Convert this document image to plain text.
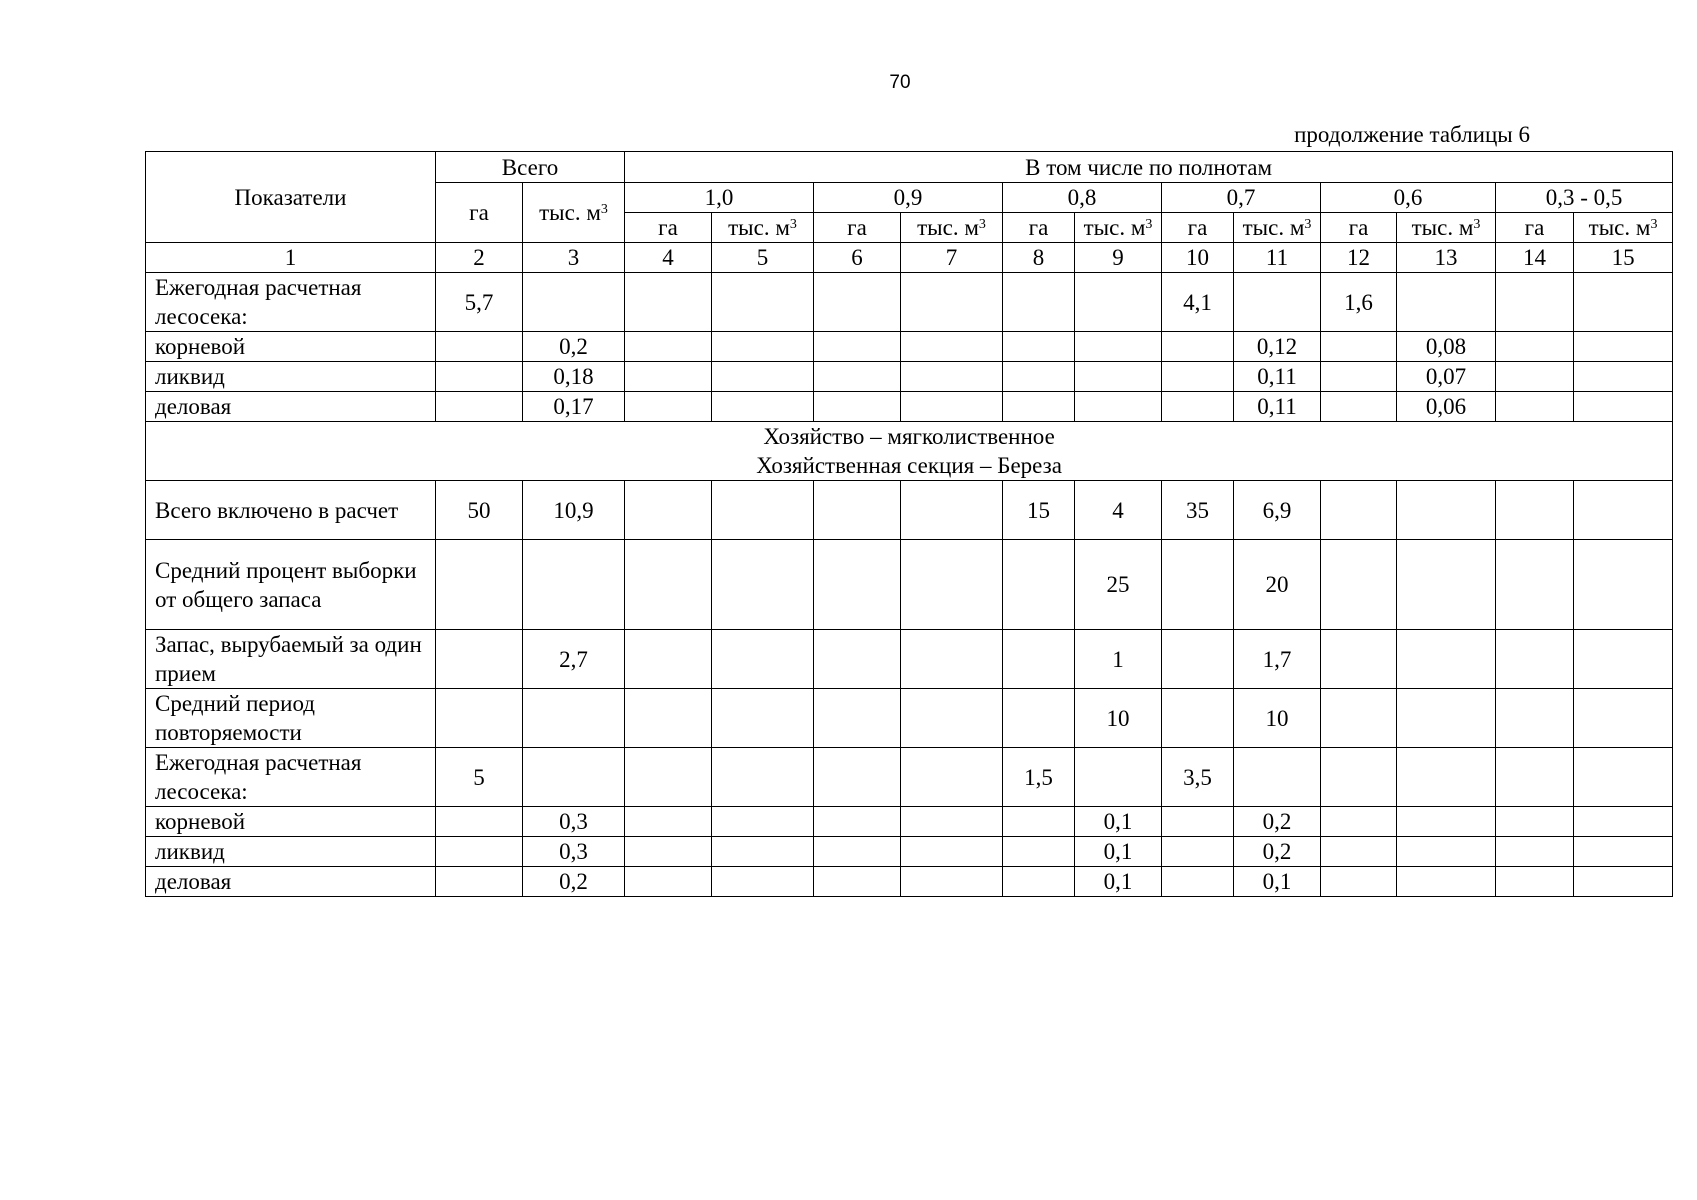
70
продолжение таблицы 6
Показатели	Всего		В том числе по полнотам											
	га	тыс. $м^3$	1,0		0,9		0,8		0,7		0,6		0,3 - 0,5	
			га	тыс. $м^3$	га	тыс. $м^3$	га	тыс. $м^3$	га	тыс. $м^3$	га	тыс. $м^3$	га	тыс. $м^3$
1	2	3	4	5	6	7	8	9	10	11	12	13	14	15
Ежегодная расчетная лесосека:	5,7								4,1		1,6			
корневой		0,2								0,12		0,08		
ликвид		0,18								0,11		0,07		
деловая		0,17								0,11		0,06		

Хозяйство – мягколиственное
Хозяйственная секция – Береза														

Всего включено в расчет	50	10,9					15	4	35	6,9				
Средний процент выборки от общего запаса								25		20				
Запас, вырубаемый за один прием		2,7						1		1,7				
Средний период повторяемости								10		10				
Ежегодная расчетная лесосека:	5						1,5		3,5					
корневой		0,3						0,1		0,2				
ликвид		0,3						0,1		0,2				
деловая		0,2						0,1		0,1				
